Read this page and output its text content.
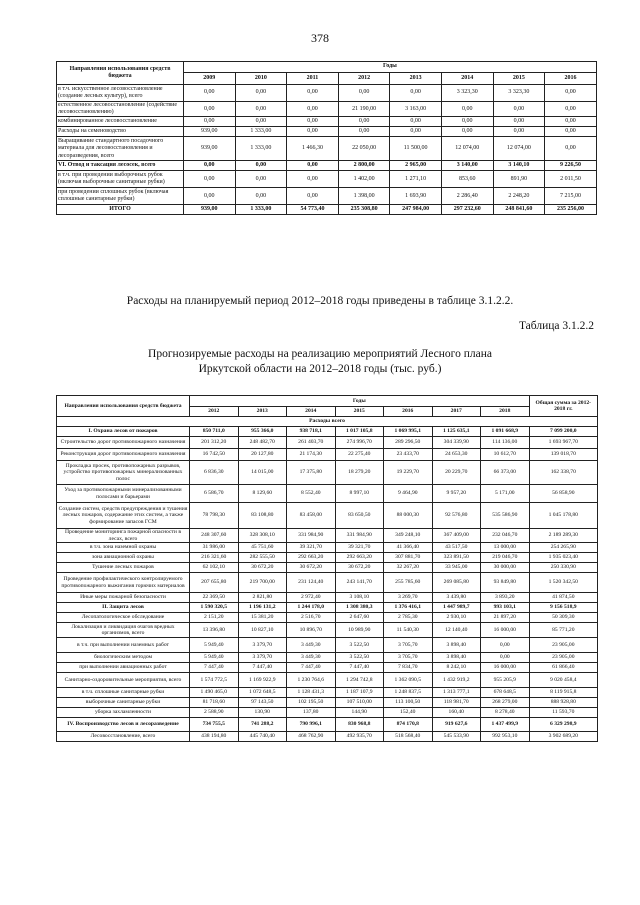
378
Направления использования средств бюджета	Годы							
	2009	2010	2011	2012	2013	2014	2015	2016
в т.ч. искусственное лесовосстановление (создание лесных культур), всего	0,00	0,00	0,00	0,00	0,00	3 323,30	3 323,30	0,00
естественное лесовосстановление (содействие лесовосстановлению)	0,00	0,00	0,00	21 190,00	3 163,00	0,00	0,00	0,00
комбинированное лесовосстановление	0,00	0,00	0,00	0,00	0,00	0,00	0,00	0,00
Расходы на семеноводство	939,00	1 333,00	0,00	0,00	0,00	0,00	0,00	0,00
Выращивание стандартного посадочного материала для лесовосстановления и лесоразведения, всего	939,00	1 333,00	1 466,30	22 050,00	11 500,00	12 074,00	12 074,00	0,00
VI. Отвод и таксация лесосек, всего	0,00	0,00	0,00	2 800,00	2 965,00	3 140,00	3 140,10	9 226,50
в т.ч. при проведении выборочных рубок (включая выборочные санитарные рубки)	0,00	0,00	0,00	1 402,00	1 271,10	853,60	891,90	2 011,50
при проведении сплошных рубок (включая сплошные санитарные рубки)	0,00	0,00	0,00	1 398,00	1 693,90	2 286,40	2 248,20	7 215,00
ИТОГО	939,00	1 333,00	54 773,40	235 308,80	247 984,00	297 232,60	248 841,60	235 256,00
Расходы на планируемый период 2012–2018 годы приведены в таблице 3.1.2.2.
Таблица 3.1.2.2
Прогнозируемые расходы на реализацию мероприятий Лесного плана
Иркутской области на 2012–2018 годы (тыс. руб.)
Направления использования средств бюджета	Годы							Общая сумма за 2012-2018 гг.
	2012	2013	2014	2015	2016	2017	2018	
Расходы всего								
I. Охрана лесов от пожаров	850 711,0	955 366,0	938 718,1	1 017 105,8	1 069 995,1	1 125 635,1	1 091 668,9	7 099 200,0
Строительство дорог противопожарного назначения	201 312,20	248 482,70	261 403,70	274 996,70	289 296,50	304 339,90	114 136,00	1 693 967,70
Реконструкция дорог противопожарного назначения	16 742,50	20 127,80	21 174,30	22 275,40	23 433,70	24 653,30	10 612,70	139 018,70
Прокладка просек, противопожарных разрывов, устройство противопожарных минерализованных полос	6 836,30	14 015,00	17 375,80	18 279,20	19 229,70	20 229,70	66 373,00	162 338,70
Уход за противопожарными минерализованными полосами и барьерами	6 586,70	8 129,60	8 552,40	8 997,10	9 464,90	9 957,20	5 171,00	56 858,90
Создание систем, средств предупреждения и тушения лесных пожаров, содержание этих систем, а также формирование запасов ГСМ	78 798,30	83 108,80	83 458,00	83 650,50	88 000,30	92 576,80	535 586,90	1 045 178,80
Проведение мониторинга пожарной опасности в лесах, всего	248 307,60	328 308,10	331 984,90	331 984,90	349 248,10	367 409,00	232 046,70	2 189 289,30
в т.ч. зона наземной охраны	31 986,00	45 751,60	39 321,70	39 321,70	41 366,40	43 517,50	13 000,00	254 265,90
зона авиационной охраны	216 321,60	282 555,50	292 663,20	292 663,20	307 881,70	323 891,50	219 046,70	1 935 023,40
Тушение лесных пожаров	62 102,10	30 672,20	30 672,20	30 672,20	32 267,20	33 945,00	30 000,00	250 330,90
Проведение профилактического контролируемого противопожарного выжигания горючих материалов	207 655,80	219 700,00	231 124,40	243 141,70	255 785,60	269 085,80	93 849,80	1 520 342,50
Иные меры пожарной безопасности	22 369,50	2 821,80	2 972,40	3 108,10	3 269,70	3 439,80	3 893,20	41 874,50
II. Защита лесов	1 590 320,5	1 196 131,2	1 244 178,0	1 308 380,3	1 376 416,1	1 447 989,7	993 103,1	9 156 518,9
Лесопатологическое обследование	2 151,20	15 381,20	2 516,70	2 647,60	2 785,30	2 930,10	21 897,20	50 309,30
Локализация и ликвидация очагов вредных организмов, всего	13 396,80	10 827,10	10 896,70	10 989,90	11 540,30	12 140,40	16 000,00	85 771,20
в т.ч. при выполнении наземных работ	5 949,40	3 379,70	3 449,30	3 522,50	3 705,70	3 898,40	0,00	23 905,00
биологическим методом	5 949,40	3 379,70	3 449,30	3 522,50	3 705,70	3 898,40	0,00	23 905,00
при выполнении авиационных работ	7 447,40	7 447,40	7 447,40	7 447,40	7 834,70	8 242,10	16 000,00	61 866,40
Санитарно-оздоровительные мероприятия, всего	1 574 772,5	1 169 922,9	1 230 764,6	1 294 742,8	1 362 090,5	1 432 919,2	955 205,9	9 020 458,4
в т.ч. сплошные санитарные рубки	1 490 465,0	1 072 648,5	1 128 431,3	1 187 107,9	1 248 837,5	1 313 777,1	678 648,5	8 119 915,8
выборочные санитарные рубки	81 718,60	97 143,50	102 195,50	107 510,00	113 100,50	118 981,70	268 279,00	888 928,80
уборка захламленности	2 588,90	130,90	137,80	144,90	152,40	160,40	8 278,40	11 593,70
IV. Воспроизводство лесов и лесоразведение	734 755,5	741 288,2	790 996,1	830 968,8	874 170,8	919 627,6	1 437 499,9	6 329 298,9
Лесовосстановление, всего	438 194,80	445 740,40	468 762,90	492 935,70	518 568,40	545 533,90	992 953,10	3 902 689,20
